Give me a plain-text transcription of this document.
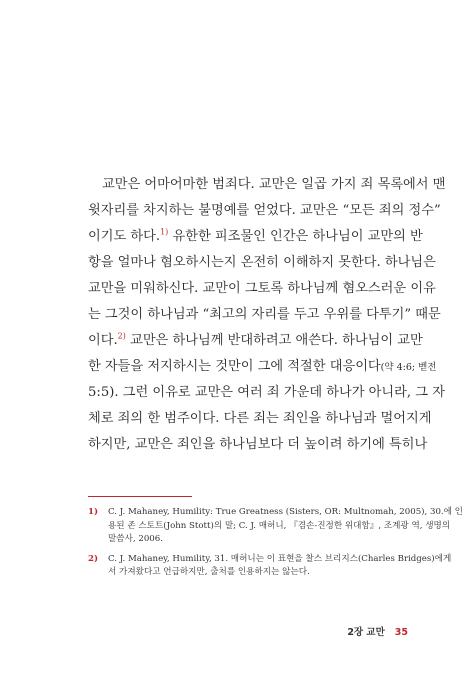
교만은 어마어마한 범죄다. 교만은 일곱 가지 죄 목록에서 맨
윗자리를 차지하는 불명예를 얻었다. 교만은 “모든 죄의 정수”
이기도 하다.$^{1)}$ 유한한 피조물인 인간은 하나님이 교만의 반
항을 얼마나 혐오하시는지 온전히 이해하지 못한다. 하나님은
교만을 미워하신다. 교만이 그토록 하나님께 혐오스러운 이유
는 그것이 하나님과 “최고의 자리를 두고 우위를 다투기” 때문
이다.$^{2)}$ 교만은 하나님께 반대하려고 애쓴다. 하나님이 교만
한 자들을 저지하시는 것만이 그에 적절한 대응이다(약 4:6; 벧전
5:5). 그런 이유로 교만은 여러 죄 가운데 하나가 아니라, 그 자
체로 죄의 한 범주이다. 다른 죄는 죄인을 하나님과 멀어지게
하지만, 교만은 죄인을 하나님보다 더 높이려 하기에 특히나
1) C. J. Mahaney, Humility: True Greatness (Sisters, OR: Multnomah, 2005), 30.에 인
용된 존 스토트(John Stott)의 말; C. J. 매허니, 『겸손-진정한 위대함』, 조계광 역, 생명의
말씀사, 2006.
2) C. J. Mahaney, Humility, 31. 매허니는 이 표현을 찰스 브리지스(Charles Bridges)에게
서 가져왔다고 언급하지만, 출처를 인용하지는 않는다.
2장 교만 35
